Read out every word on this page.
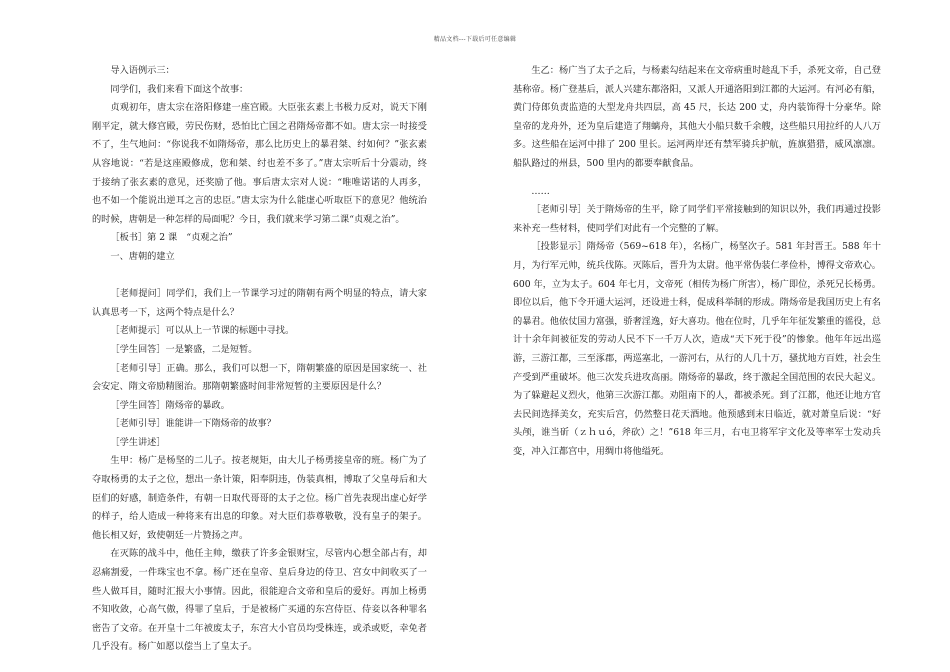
精品文档---下载后可任意编辑

导入语例示三：

同学们，我们来看下面这个故事：

贞观初年，唐太宗在洛阳修建一座宫殿。大臣张玄素上书极力反对，说天下刚刚平定，就大修宫殿，劳民伤财，恐怕比亡国之君隋炀帝都不如。唐太宗一时接受不了，生气地问：“你说我不如隋炀帝，那么比历史上的暴君桀、纣如何？”张玄素从容地说：“若是这座殿修成，您和桀、纣也差不多了。”唐太宗听后十分震动，终于接纳了张玄素的意见，还奖励了他。事后唐太宗对人说：“唯唯诺诺的人再多，也不如一个能说出逆耳之言的忠臣。”唐太宗为什么能虚心听取臣下的意见？他统治的时候，唐朝是一种怎样的局面呢？今日，我们就来学习第二课“贞观之治”。

［板书］第 2 课　“贞观之治”

一、唐朝的建立

［老师提问］同学们，我们上一节课学习过的隋朝有两个明显的特点，请大家认真思考一下，这两个特点是什么？

［老师提示］可以从上一节课的标题中寻找。

［学生回答］一是繁盛，二是短暂。

［老师引导］正确。那么，我们可以想一下，隋朝繁盛的原因是国家统一、社会安定、隋文帝励精图治。那隋朝繁盛时间非常短暂的主要原因是什么？

［学生回答］隋炀帝的暴政。

［老师引导］谁能讲一下隋炀帝的故事？

［学生讲述］

生甲：杨广是杨坚的二儿子。按老规矩，由大儿子杨勇接皇帝的班。杨广为了夺取杨勇的太子之位，想出一条计策，阳奉阴违，伪装真相，博取了父皇母后和大臣们的好感，制造条件，有朝一日取代哥哥的太子之位。杨广首先表现出虚心好学的样子，给人造成一种将来有出息的印象。对大臣们恭尊敬敬，没有皇子的架子。他长相又好，致使朝廷一片赞扬之声。

在灭陈的战斗中，他任主帅，缴获了许多金银财宝，尽管内心想全部占有，却忍痛割爱，一件珠宝也不拿。杨广还在皇帝、皇后身边的侍卫、宫女中间收买了一些人做耳目，随时汇报大小事情。因此，很能迎合文帝和皇后的爱好。再加上杨勇不知收敛，心高气傲，得罪了皇后，于是被杨广买通的东宫侍臣、侍妾以各种罪名密告了文帝。在开皇十二年被废太子，东宫大小官员均受株连，或杀或贬，幸免者几乎没有。杨广如愿以偿当上了皇太子。

生乙：杨广当了太子之后，与杨素勾结起来在文帝病重时趁乱下手，杀死文帝，自己登基称帝。杨广登基后，派人兴建东都洛阳，又派人开通洛阳到江都的大运河。有河必有船，黄门侍郎负责监造的大型龙舟共四层，高 45 尺，长达 200 丈，舟内装饰得十分豪华。除皇帝的龙舟外，还为皇后建造了翔螭舟，其他大小船只数千余艘，这些船只用拉纤的人八万多。这些船在运河中排了 200 里长。运河两岸还有禁军骑兵护航，旌旗猎猎，威风凛凛。船队路过的州县，500 里内的都要奉献食品。

……

［老师引导］关于隋炀帝的生平，除了同学们平常接触到的知识以外，我们再通过投影来补充一些材料，使同学们对此有一个完整的了解。

［投影显示］隋炀帝（569~618 年），名杨广，杨坚次子。581 年封晋王。588 年十月，为行军元帅，统兵伐陈。灭陈后，晋升为太尉。他平常伪装仁孝俭朴，博得文帝欢心。600 年，立为太子。604 年七月，文帝死（相传为杨广所害），杨广即位，杀死兄长杨勇。即位以后，他下令开通大运河，还设进士科，促成科举制的形成。隋炀帝是我国历史上有名的暴君。他依仗国力富强，骄奢淫逸，好大喜功。他在位时，几乎年年征发繁重的徭役，总计十余年间被征发的劳动人民不下一千万人次，造成“天下死于役”的惨象。他年年远出巡游，三游江都，三至涿郡，两巡塞北，一游河右，从行的人几十万，骚扰地方百姓，社会生产受到严重破坏。他三次发兵进攻高丽。隋炀帝的暴政，终于激起全国范围的农民大起义。为了躲避起义烈火，他第三次游江都。劝阻南下的人，都被杀死。到了江都，他还让地方官去民间选择美女，充实后宫，仍然整日花天酒地。他预感到末日临近，就对萧皇后说：“好头颅，谁当斫（ｚｈｕó，斧砍）之！”618 年三月，右屯卫将军宇文化及等率军士发动兵变，冲入江都宫中，用绸巾将他缢死。
